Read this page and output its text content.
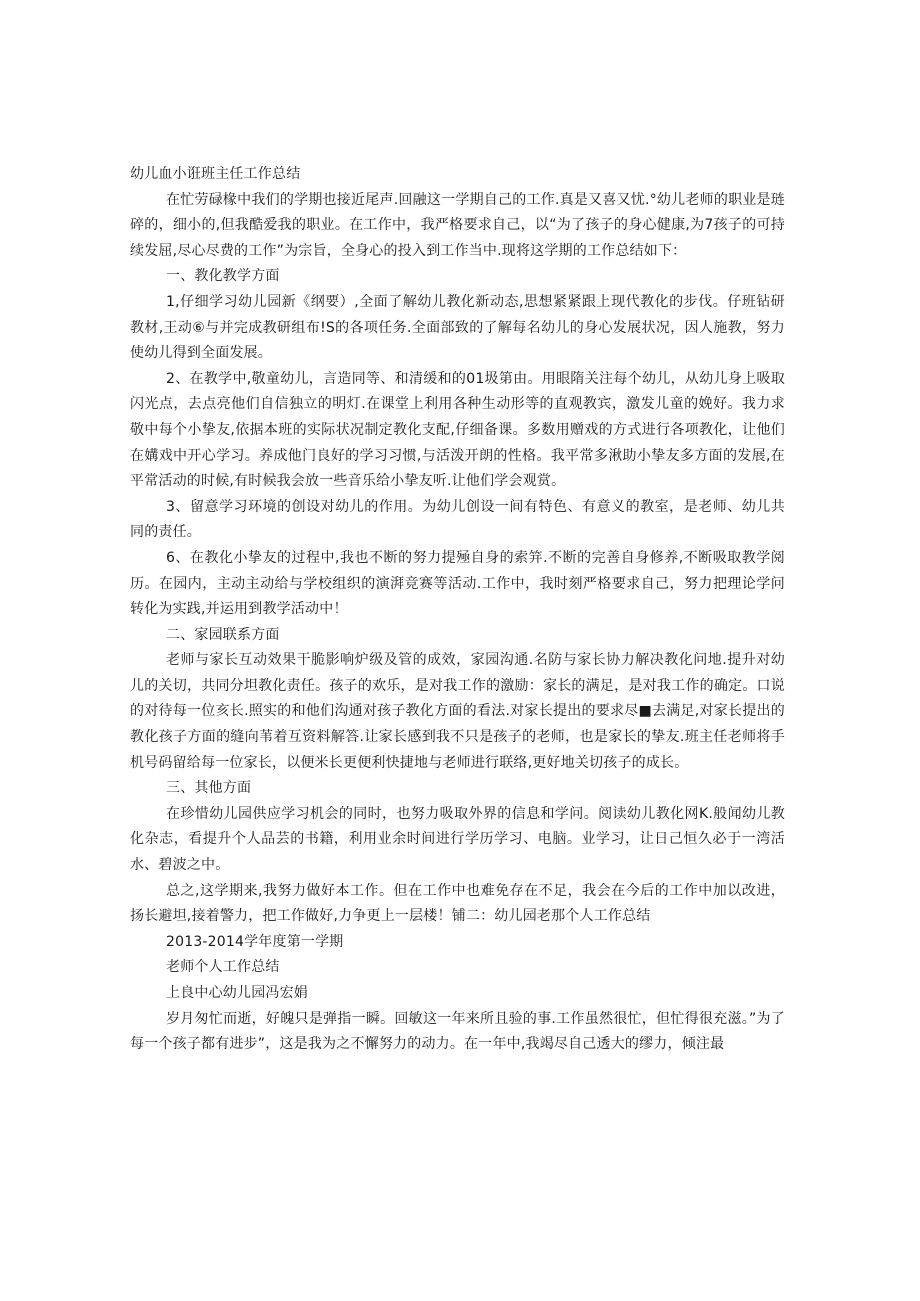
幼儿血小诳班主任工作总结

在忙劳碌椽中我们的学期也接近尾声.回融这一学期自己的工作.真是又喜又忧.°幼儿老师的职业是琏碎的，细小的,但我酷爱我的职业。在工作中，我严格要求自己，以“为了孩子的身心健康,为7孩子的可持续发屈,尽心尽费的工作”为宗旨，全身心的投入到工作当中.现将这学期的工作总结如下：

一、教化教学方面

1,仔细学习幼儿园新《纲要）,全面了解幼儿教化新动态,思想紧紧跟上现代教化的步伐。仔班钻研教材,王动⑥与并完成教研组布!S的各项任务.全面部致的了解每名幼儿的身心发展状况，因人施教，努力使幼儿得到全面发展。

2、在教学中,敬童幼儿，言造同等、和清缓和的01圾第由。用眼隋关注每个幼儿，从幼儿身上吸取闪光点，去点亮他们自信独立的明灯.在课堂上利用各种生动形等的直观教宾，激发儿童的娩好。我力求敬中每个小挚友,依据本班的实际状况制定教化支配,仔细备课。多数用赠戏的方式进行各项教化，让他们在媾戏中开心学习。养成他门良好的学习习惯,与活泼开朗的性格。我平常多湫助小挚友多方面的发展,在平常活动的时候,有时候我会放一些音乐给小挚友听.让他们学会观赏。

3、留意学习环境的创设对幼儿的作用。为幼儿创设一间有特色、有意义的教室，是老师、幼儿共同的责任。

6、在教化小挚友的过程中,我也不断的努力提殛自身的索笄.不断的完善自身修养,不断吸取教学阅历。在园内，主动主动给与学校组织的演湃竞赛等活动.工作中，我时刻严格要求自己，努力把理论学问转化为实践,并运用到教学活动中！

二、家园联系方面

老师与家长互动效果干脆影响炉级及管的成效，家园沟通.名防与家长协力解决教化问地.提升对幼儿的关切，共同分坦教化责任。孩子的欢乐，是对我工作的激励：家长的满足，是对我工作的确定。口说的对待每一位亥长.照实的和他们沟通对孩子教化方面的看法.对家长提出的要求尽■去满足,对家长提出的教化孩子方面的缝向苇着互资料解答.让家长感到我不只是孩子的老师，也是家长的挚友.班主任老师将手机号码留给每一位家长，以便米长更便利快捷地与老师进行联络,更好地关切孩子的成长。

三、其他方面

在珍惜幼儿园供应学习机会的同时，也努力吸取外界的信息和学问。阅读幼儿教化网K.般闻幼儿教化杂志，看提升个人品芸的书籍，利用业余时间进行学历学习、电脑。业学习，让日己恒久必于一湾活水、碧波之中。

总之,这学期来,我努力做好本工作。但在工作中也难免存在不足，我会在今后的工作中加以改进，扬长避坦,接着警力，把工作做好,力争更上一层楼！铺二：幼儿园老那个人工作总结

2013-2014学年度第一学期

老师个人工作总结

上良中心幼儿园冯宏娟

岁月匆忙而逝，好魄只是弹指一瞬。回敏这一年来所且验的事.工作虽然很忙，但忙得很充滋。”为了每一个孩子都有进步”，这是我为之不懈努力的动力。在一年中,我竭尽自己透大的缪力，倾注最
